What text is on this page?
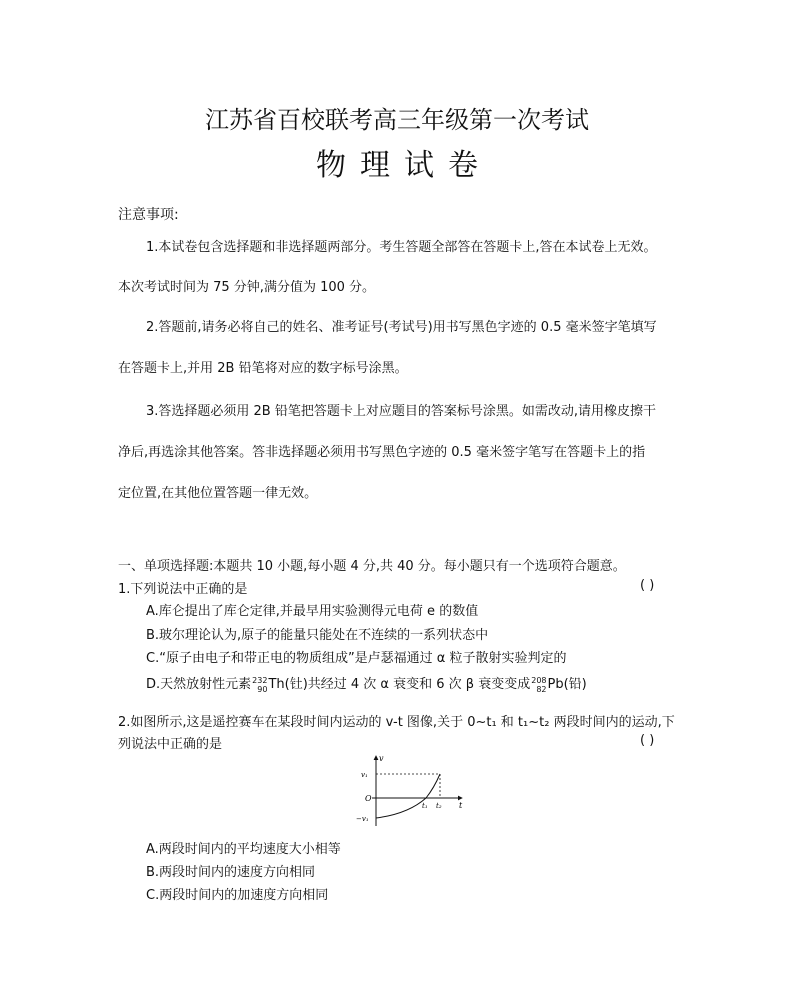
江苏省百校联考高三年级第一次考试
物理试卷
注意事项:
1.本试卷包含选择题和非选择题两部分。考生答题全部答在答题卡上,答在本试卷上无效。
本次考试时间为 75 分钟,满分值为 100 分。
2.答题前,请务必将自己的姓名、准考证号(考试号)用书写黑色字迹的 0.5 毫米签字笔填写
在答题卡上,并用 2B 铅笔将对应的数字标号涂黑。
3.答选择题必须用 2B 铅笔把答题卡上对应题目的答案标号涂黑。如需改动,请用橡皮擦干
净后,再选涂其他答案。答非选择题必须用书写黑色字迹的 0.5 毫米签字笔写在答题卡上的指
定位置,在其他位置答题一律无效。
一、单项选择题:本题共 10 小题,每小题 4 分,共 40 分。每小题只有一个选项符合题意。
1.下列说法中正确的是	( )
A.库仑提出了库仑定律,并最早用实验测得元电荷 e 的数值
B.玻尔理论认为,原子的能量只能处在不连续的一系列状态中
C.“原子由电子和带正电的物质组成”是卢瑟福通过 α 粒子散射实验判定的
D.天然放射性元素232
90Th(钍)共经过 4 次 α 衰变和 6 次 β 衰变变成208
82Pb(铅)
2.如图所示,这是遥控赛车在某段时间内运动的 v-t 图像,关于 0~t₁ 和 t₁~t₂ 两段时间内的运动,下
列说法中正确的是	( )
v
t
O
v₁
−v₁
t₁ t₂
A.两段时间内的平均速度大小相等
B.两段时间内的速度方向相同
C.两段时间内的加速度方向相同
